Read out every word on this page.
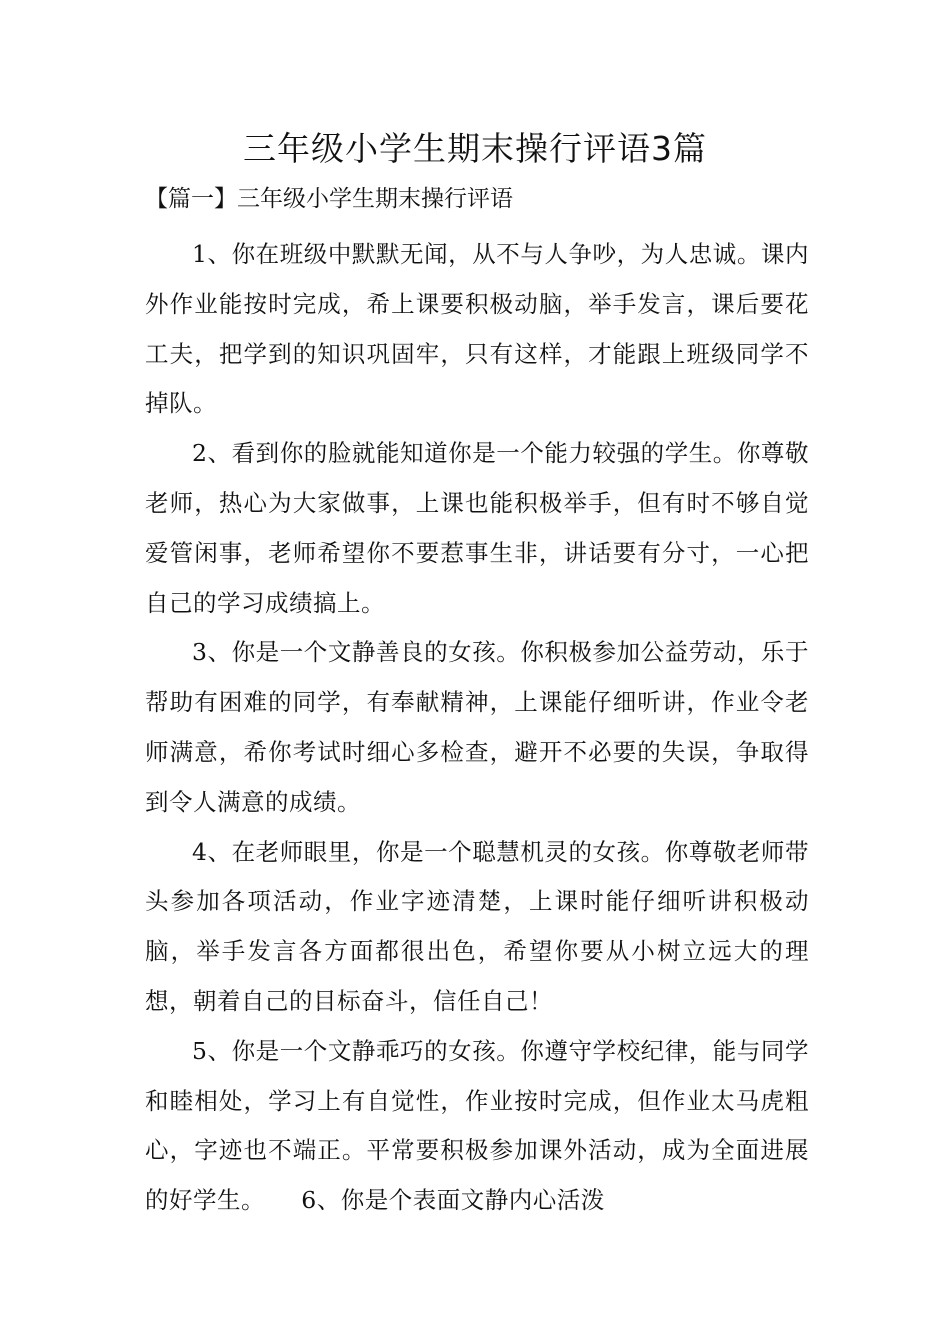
三年级小学生期末操行评语3篇
【篇一】三年级小学生期末操行评语

1、你在班级中默默无闻，从不与人争吵，为人忠诚。课内外作业能按时完成，希上课要积极动脑，举手发言，课后要花工夫，把学到的知识巩固牢，只有这样，才能跟上班级同学不掉队。

2、看到你的脸就能知道你是一个能力较强的学生。你尊敬老师，热心为大家做事，上课也能积极举手，但有时不够自觉爱管闲事，老师希望你不要惹事生非，讲话要有分寸，一心把自己的学习成绩搞上。

3、你是一个文静善良的女孩。你积极参加公益劳动，乐于帮助有困难的同学，有奉献精神，上课能仔细听讲，作业令老师满意，希你考试时细心多检查，避开不必要的失误，争取得到令人满意的成绩。

4、在老师眼里，你是一个聪慧机灵的女孩。你尊敬老师带头参加各项活动，作业字迹清楚，上课时能仔细听讲积极动脑，举手发言各方面都很出色，希望你要从小树立远大的理想，朝着自己的目标奋斗，信任自己！

5、你是一个文静乖巧的女孩。你遵守学校纪律，能与同学和睦相处，学习上有自觉性，作业按时完成，但作业太马虎粗心，字迹也不端正。平常要积极参加课外活动，成为全面进展的好学生。　　6、你是个表面文静内心活泼
